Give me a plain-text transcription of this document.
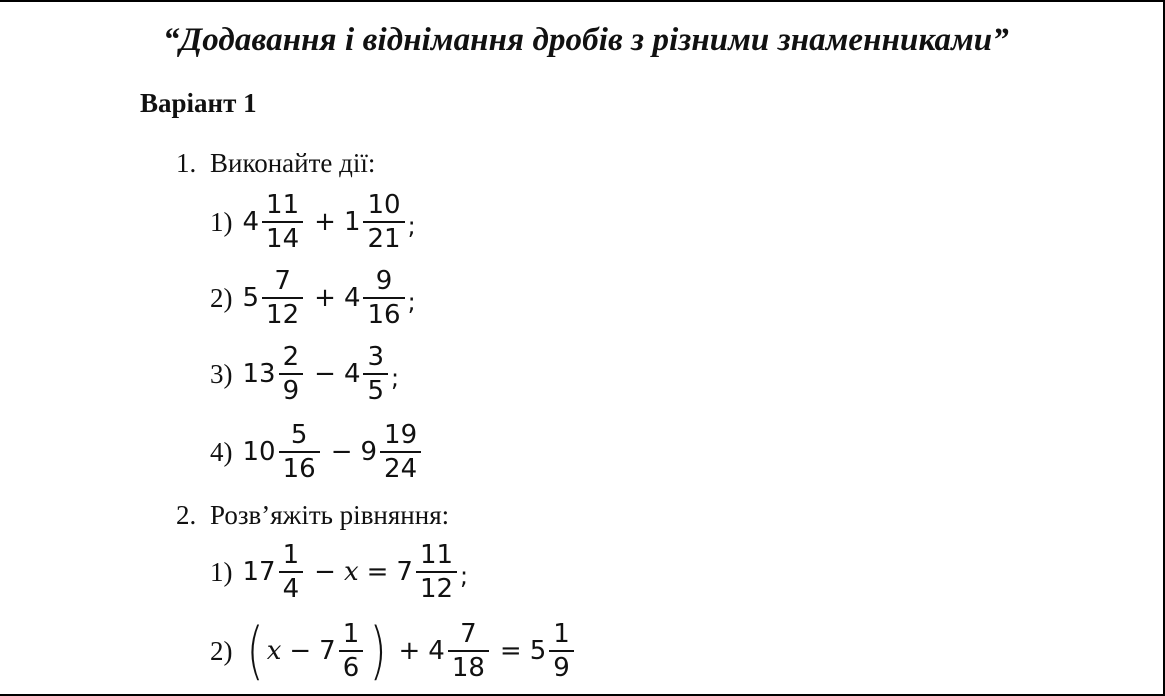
“Додавання і віднімання дробів з різними знаменниками”
Варіант 1
1. Виконайте дії:
1) $4 \frac{11}{14} + 1 \frac{10}{21}$ ;
2) $5 \frac{7}{12} + 4 \frac{9}{16}$ ;
3) $13 \frac{2}{9} - 4 \frac{3}{5}$ ;
4) $10 \frac{5}{16} - 9 \frac{19}{24}$
2. Розв’яжіть рівняння:
1) $17 \frac{1}{4} - x = 7 \frac{11}{12}$ ;
2) ( $x - 7 \frac{1}{6}$ ) + $4 \frac{7}{18} = 5 \frac{1}{9}$
